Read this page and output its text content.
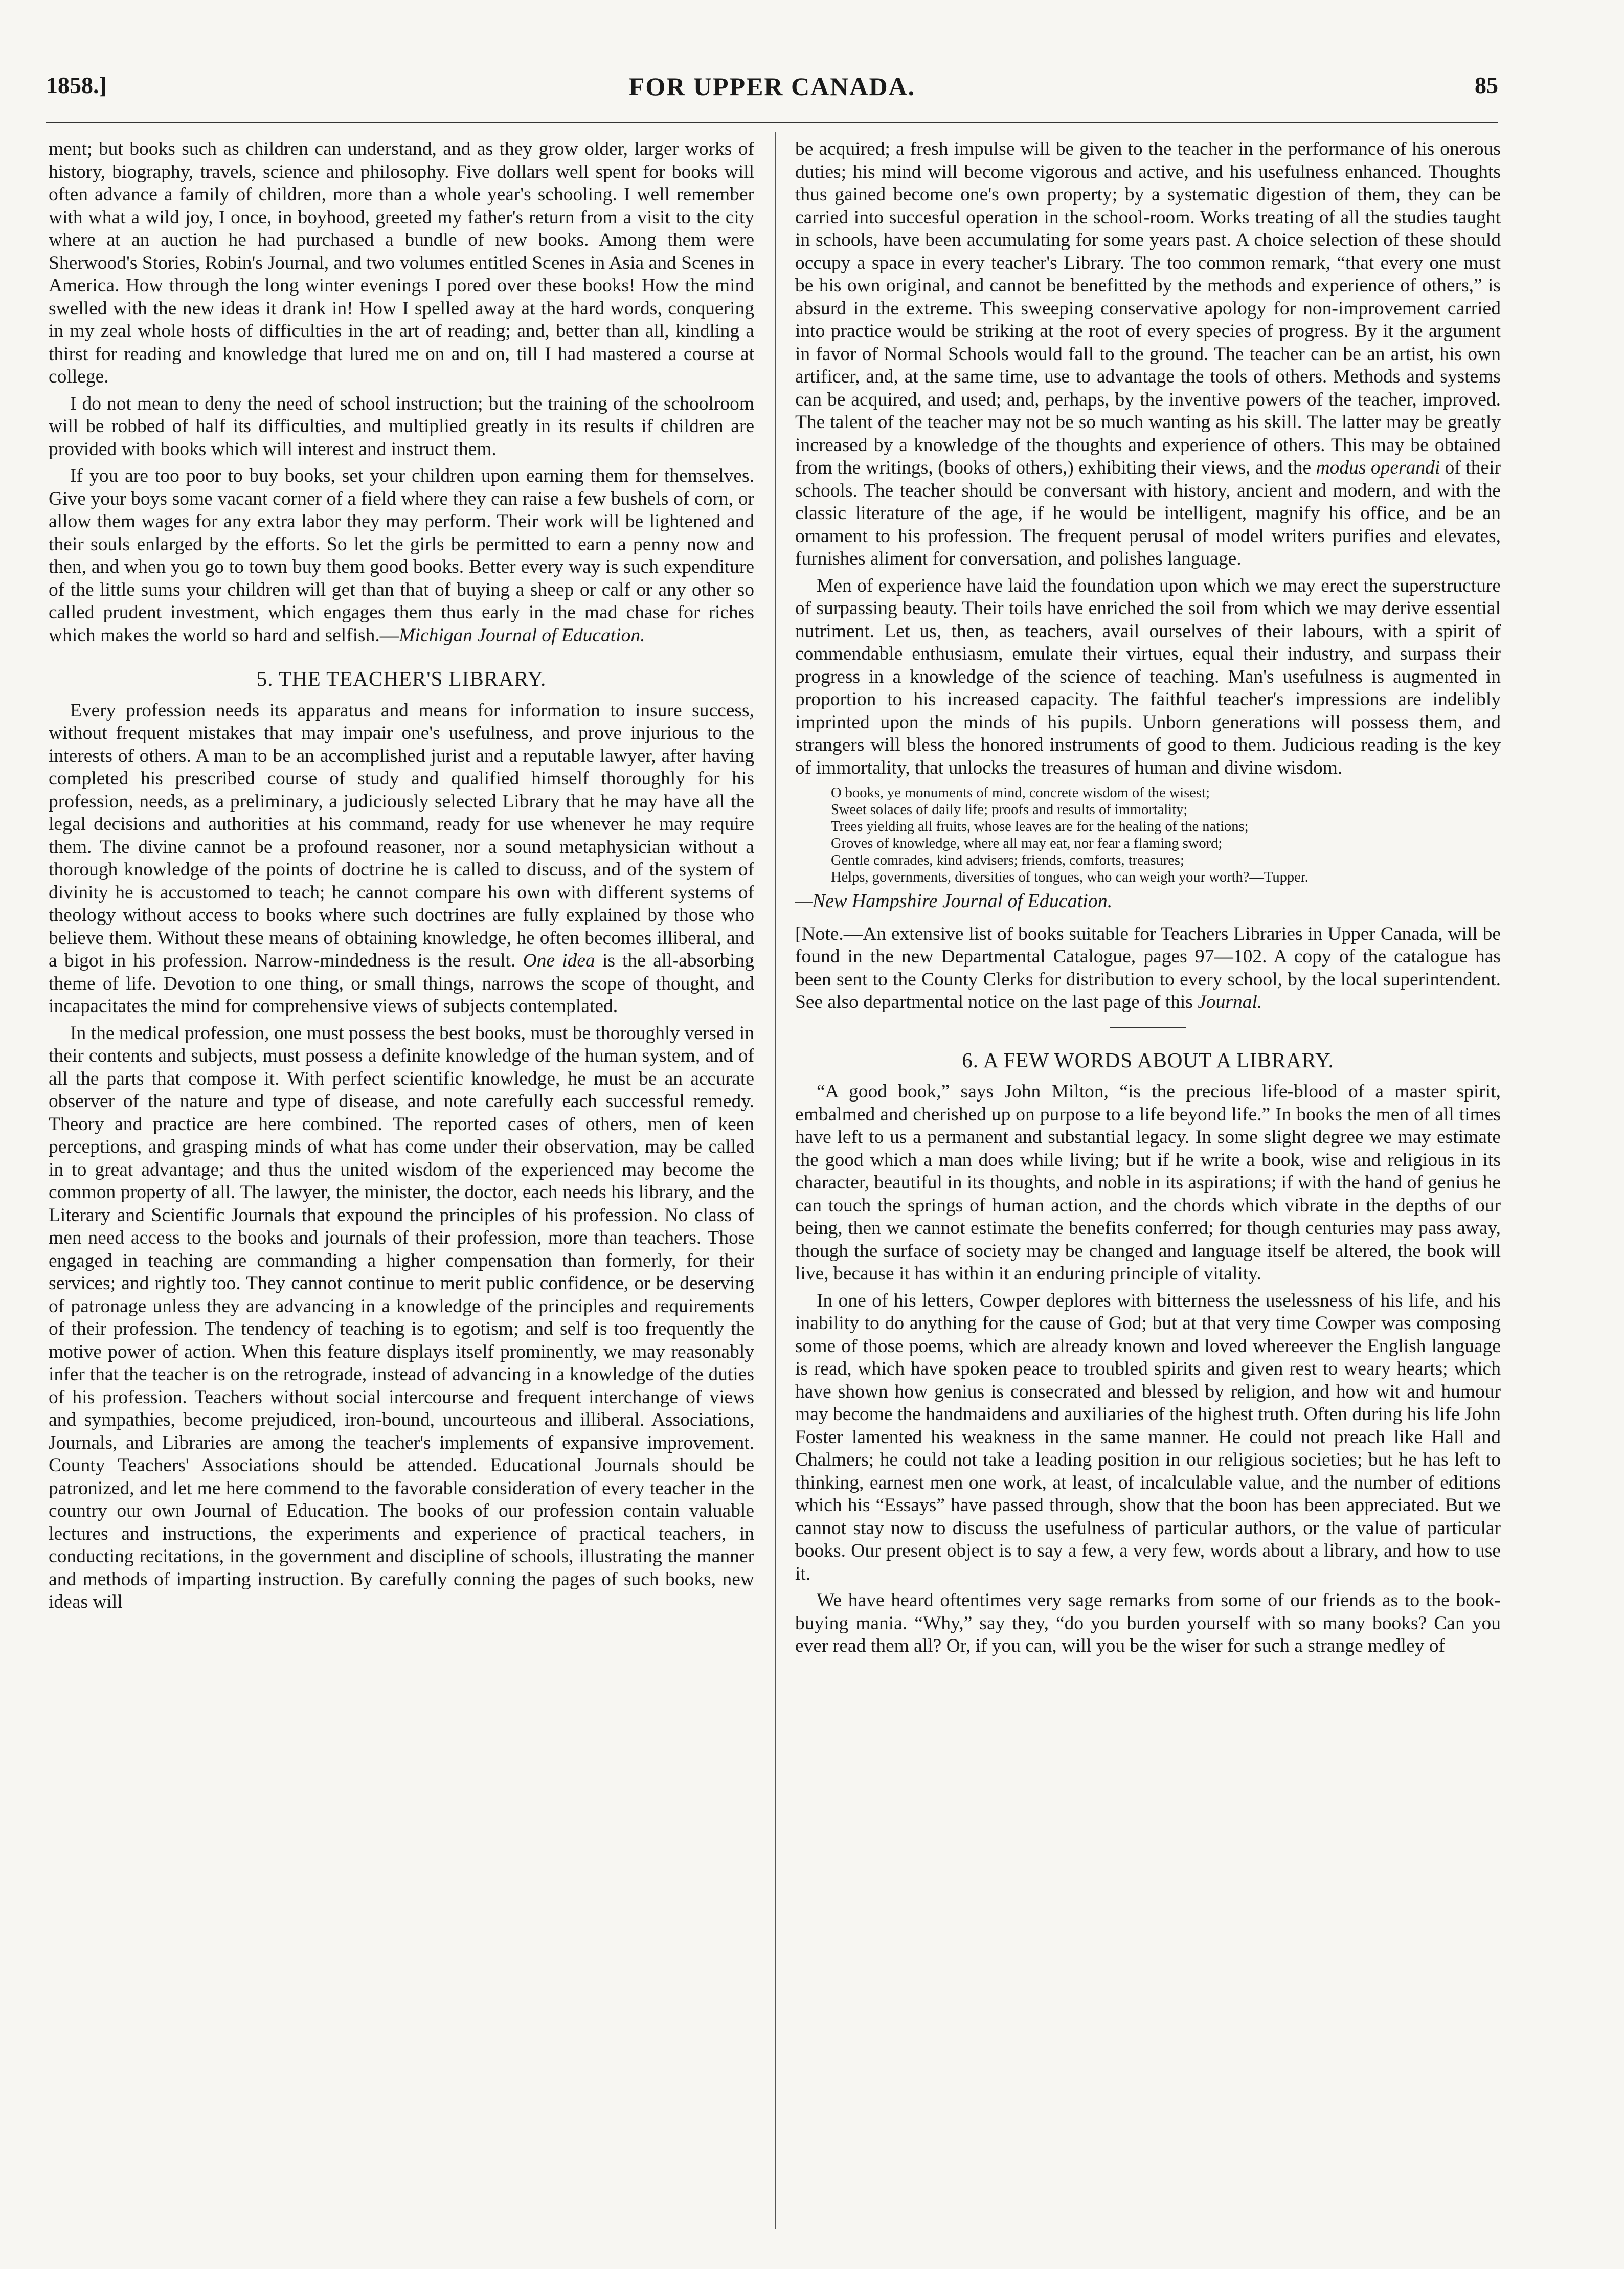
1858.]	FOR UPPER CANADA.	85

ment; but books such as children can understand, and as they grow older, larger works of history, biography, travels, science and philosophy. Five dollars well spent for books will often advance a family of children, more than a whole year's schooling. I well remember with what a wild joy, I once, in boyhood, greeted my father's return from a visit to the city where at an auction he had purchased a bundle of new books. Among them were Sherwood's Stories, Robin's Journal, and two volumes entitled Scenes in Asia and Scenes in America. How through the long winter evenings I pored over these books! How the mind swelled with the new ideas it drank in! How I spelled away at the hard words, conquering in my zeal whole hosts of difficulties in the art of reading; and, better than all, kindling a thirst for reading and knowledge that lured me on and on, till I had mastered a course at college.

I do not mean to deny the need of school instruction; but the training of the schoolroom will be robbed of half its difficulties, and multiplied greatly in its results if children are provided with books which will interest and instruct them.

If you are too poor to buy books, set your children upon earning them for themselves. Give your boys some vacant corner of a field where they can raise a few bushels of corn, or allow them wages for any extra labor they may perform. Their work will be lightened and their souls enlarged by the efforts. So let the girls be permitted to earn a penny now and then, and when you go to town buy them good books. Better every way is such expenditure of the little sums your children will get than that of buying a sheep or calf or any other so called prudent investment, which engages them thus early in the mad chase for riches which makes the world so hard and selfish.—Michigan Journal of Education.

5. THE TEACHER'S LIBRARY.

Every profession needs its apparatus and means for information to insure success, without frequent mistakes that may impair one's usefulness, and prove injurious to the interests of others. A man to be an accomplished jurist and a reputable lawyer, after having completed his prescribed course of study and qualified himself thoroughly for his profession, needs, as a preliminary, a judiciously selected Library that he may have all the legal decisions and authorities at his command, ready for use whenever he may require them. The divine cannot be a profound reasoner, nor a sound metaphysician without a thorough knowledge of the points of doctrine he is called to discuss, and of the system of divinity he is accustomed to teach; he cannot compare his own with different systems of theology without access to books where such doctrines are fully explained by those who believe them. Without these means of obtaining knowledge, he often becomes illiberal, and a bigot in his profession. Narrow-mindedness is the result. One idea is the all-absorbing theme of life. Devotion to one thing, or small things, narrows the scope of thought, and incapacitates the mind for comprehensive views of subjects contemplated.

In the medical profession, one must possess the best books, must be thoroughly versed in their contents and subjects, must possess a definite knowledge of the human system, and of all the parts that compose it. With perfect scientific knowledge, he must be an accurate observer of the nature and type of disease, and note carefully each successful remedy. Theory and practice are here combined. The reported cases of others, men of keen perceptions, and grasping minds of what has come under their observation, may be called in to great advantage; and thus the united wisdom of the experienced may become the common property of all. The lawyer, the minister, the doctor, each needs his library, and the Literary and Scientific Journals that expound the principles of his profession. No class of men need access to the books and journals of their profession, more than teachers. Those engaged in teaching are commanding a higher compensation than formerly, for their services; and rightly too. They cannot continue to merit public confidence, or be deserving of patronage unless they are advancing in a knowledge of the principles and requirements of their profession. The tendency of teaching is to egotism; and self is too frequently the motive power of action. When this feature displays itself prominently, we may reasonably infer that the teacher is on the retrograde, instead of advancing in a knowledge of the duties of his profession. Teachers without social intercourse and frequent interchange of views and sympathies, become prejudiced, iron-bound, uncourteous and illiberal. Associations, Journals, and Libraries are among the teacher's implements of expansive improvement. County Teachers' Associations should be attended. Educational Journals should be patronized, and let me here commend to the favorable consideration of every teacher in the country our own Journal of Education. The books of our profession contain valuable lectures and instructions, the experiments and experience of practical teachers, in conducting recitations, in the government and discipline of schools, illustrating the manner and methods of imparting instruction. By carefully conning the pages of such books, new ideas will

be acquired; a fresh impulse will be given to the teacher in the performance of his onerous duties; his mind will become vigorous and active, and his usefulness enhanced. Thoughts thus gained become one's own property; by a systematic digestion of them, they can be carried into succesful operation in the school-room. Works treating of all the studies taught in schools, have been accumulating for some years past. A choice selection of these should occupy a space in every teacher's Library. The too common remark, “that every one must be his own original, and cannot be benefitted by the methods and experience of others,” is absurd in the extreme. This sweeping conservative apology for non-improvement carried into practice would be striking at the root of every species of progress. By it the argument in favor of Normal Schools would fall to the ground. The teacher can be an artist, his own artificer, and, at the same time, use to advantage the tools of others. Methods and systems can be acquired, and used; and, perhaps, by the inventive powers of the teacher, improved. The talent of the teacher may not be so much wanting as his skill. The latter may be greatly increased by a knowledge of the thoughts and experience of others. This may be obtained from the writings, (books of others,) exhibiting their views, and the modus operandi of their schools. The teacher should be conversant with history, ancient and modern, and with the classic literature of the age, if he would be intelligent, magnify his office, and be an ornament to his profession. The frequent perusal of model writers purifies and elevates, furnishes aliment for conversation, and polishes language.

Men of experience have laid the foundation upon which we may erect the superstructure of surpassing beauty. Their toils have enriched the soil from which we may derive essential nutriment. Let us, then, as teachers, avail ourselves of their labours, with a spirit of commendable enthusiasm, emulate their virtues, equal their industry, and surpass their progress in a knowledge of the science of teaching. Man's usefulness is augmented in proportion to his increased capacity. The faithful teacher's impressions are indelibly imprinted upon the minds of his pupils. Unborn generations will possess them, and strangers will bless the honored instruments of good to them. Judicious reading is the key of immortality, that unlocks the treasures of human and divine wisdom.

O books, ye monuments of mind, concrete wisdom of the wisest;
Sweet solaces of daily life; proofs and results of immortality;
Trees yielding all fruits, whose leaves are for the healing of the nations;
Groves of knowledge, where all may eat, nor fear a flaming sword;
Gentle comrades, kind advisers; friends, comforts, treasures;
Helps, governments, diversities of tongues, who can weigh your worth?—Tupper.
—New Hampshire Journal of Education.

[Note.—An extensive list of books suitable for Teachers Libraries in Upper Canada, will be found in the new Departmental Catalogue, pages 97—102. A copy of the catalogue has been sent to the County Clerks for distribution to every school, by the local superintendent. See also departmental notice on the last page of this Journal.

6. A FEW WORDS ABOUT A LIBRARY.

“A good book,” says John Milton, “is the precious life-blood of a master spirit, embalmed and cherished up on purpose to a life beyond life.” In books the men of all times have left to us a permanent and substantial legacy. In some slight degree we may estimate the good which a man does while living; but if he write a book, wise and religious in its character, beautiful in its thoughts, and noble in its aspirations; if with the hand of genius he can touch the springs of human action, and the chords which vibrate in the depths of our being, then we cannot estimate the benefits conferred; for though centuries may pass away, though the surface of society may be changed and language itself be altered, the book will live, because it has within it an enduring principle of vitality.

In one of his letters, Cowper deplores with bitterness the uselessness of his life, and his inability to do anything for the cause of God; but at that very time Cowper was composing some of those poems, which are already known and loved whereever the English language is read, which have spoken peace to troubled spirits and given rest to weary hearts; which have shown how genius is consecrated and blessed by religion, and how wit and humour may become the handmaidens and auxiliaries of the highest truth. Often during his life John Foster lamented his weakness in the same manner. He could not preach like Hall and Chalmers; he could not take a leading position in our religious societies; but he has left to thinking, earnest men one work, at least, of incalculable value, and the number of editions which his “Essays” have passed through, show that the boon has been appreciated. But we cannot stay now to discuss the usefulness of particular authors, or the value of particular books. Our present object is to say a few, a very few, words about a library, and how to use it.

We have heard oftentimes very sage remarks from some of our friends as to the book-buying mania. “Why,” say they, “do you burden yourself with so many books? Can you ever read them all? Or, if you can, will you be the wiser for such a strange medley of
